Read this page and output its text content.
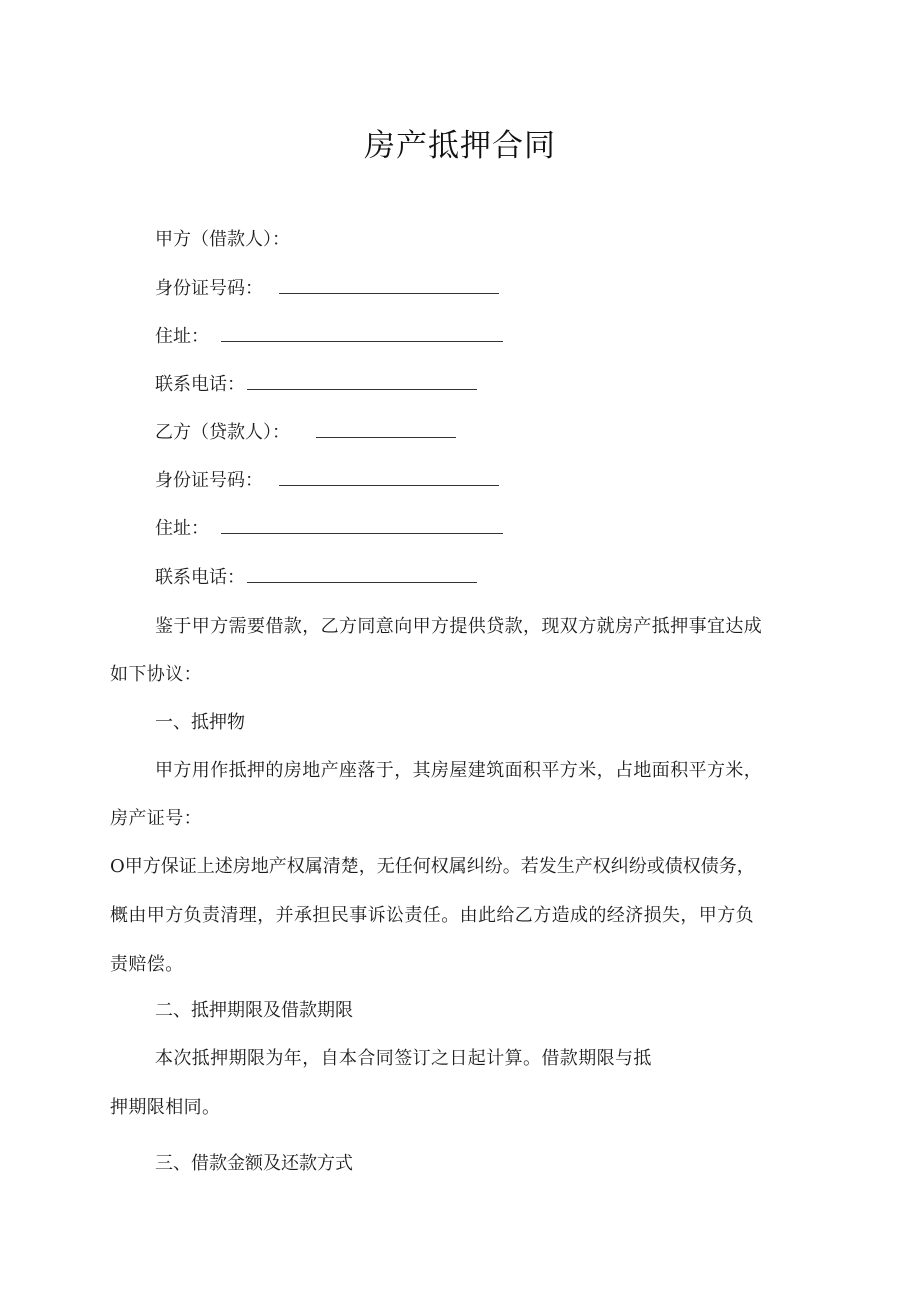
房产抵押合同
甲方（借款人）：
身份证号码：
住址：
联系电话：
乙方（贷款人）：
身份证号码：
住址：
联系电话：
鉴于甲方需要借款，乙方同意向甲方提供贷款，现双方就房产抵押事宜达成
如下协议：
一、抵押物
甲方用作抵押的房地产座落于，其房屋建筑面积平方米，占地面积平方米，
房产证号：
O甲方保证上述房地产权属清楚，无任何权属纠纷。若发生产权纠纷或债权债务，
概由甲方负责清理，并承担民事诉讼责任。由此给乙方造成的经济损失，甲方负
责赔偿。
二、抵押期限及借款期限
本次抵押期限为年，自本合同签订之日起计算。借款期限与抵
押期限相同。
三、借款金额及还款方式
